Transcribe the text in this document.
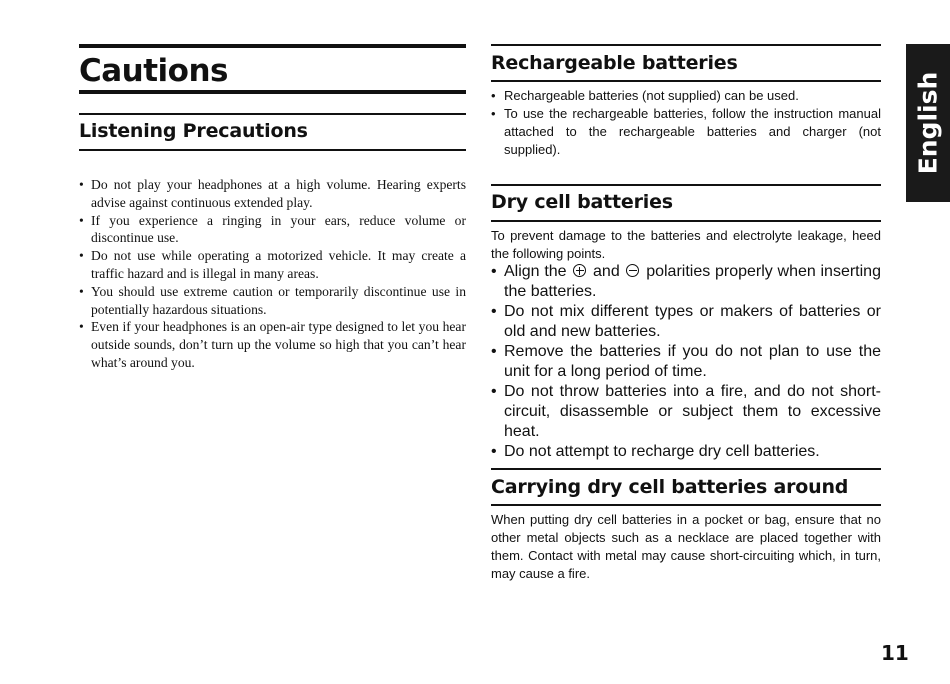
Cautions
Listening Precautions
• Do not play your headphones at a high volume. Hearing experts advise against continuous extended play.
• If you experience a ringing in your ears, reduce volume or discontinue use.
• Do not use while operating a motorized vehicle. It may create a traffic hazard and is illegal in many areas.
• You should use extreme caution or temporarily discontinue use in potentially hazardous situations.
• Even if your headphones is an open-air type designed to let you hear outside sounds, don’t turn up the volume so high that you can’t hear what’s around you.
Rechargeable batteries
• Rechargeable batteries (not supplied) can be used.
• To use the rechargeable batteries, follow the instruction manual attached to the rechargeable batteries and charger (not supplied).
Dry cell batteries

To prevent damage to the batteries and electrolyte leakage, heed the following points.

• Align the and polarities properly when inserting the batteries.
• Do not mix different types or makers of batteries or old and new batteries.
• Remove the batteries if you do not plan to use the unit for a long period of time.
• Do not throw batteries into a fire, and do not short-circuit, disassemble or subject them to excessive heat.
• Do not attempt to recharge dry cell batteries.
Carrying dry cell batteries around

When putting dry cell batteries in a pocket or bag, ensure that no other metal objects such as a necklace are placed together with them. Contact with metal may cause short-circuiting which, in turn, may cause a fire.

English
11
